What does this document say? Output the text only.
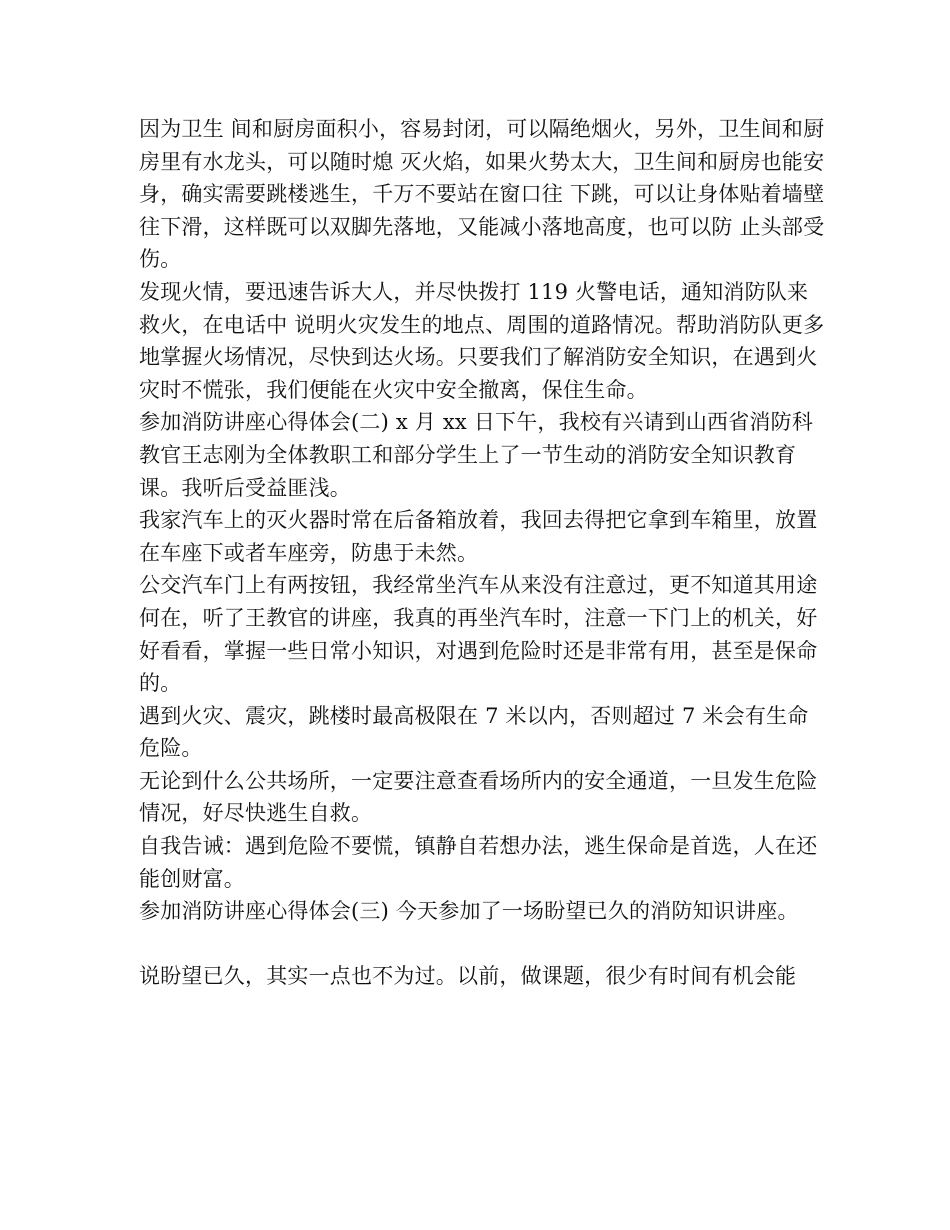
因为卫生 间和厨房面积小，容易封闭，可以隔绝烟火，另外，卫生间和厨房里有水龙头，可以随时熄 灭火焰，如果火势太大，卫生间和厨房也能安身，确实需要跳楼逃生，千万不要站在窗口往 下跳，可以让身体贴着墙壁往下滑，这样既可以双脚先落地，又能减小落地高度，也可以防 止头部受伤。

发现火情，要迅速告诉大人，并尽快拨打 119 火警电话，通知消防队来救火，在电话中 说明火灾发生的地点、周围的道路情况。帮助消防队更多地掌握火场情况，尽快到达火场。只要我们了解消防安全知识，在遇到火灾时不慌张，我们便能在火灾中安全撤离，保住生命。

参加消防讲座心得体会(二) x 月 xx 日下午，我校有兴请到山西省消防科教官王志刚为全体教职工和部分学生上了一节生动的消防安全知识教育课。我听后受益匪浅。

我家汽车上的灭火器时常在后备箱放着，我回去得把它拿到车箱里，放置在车座下或者车座旁，防患于未然。

公交汽车门上有两按钮，我经常坐汽车从来没有注意过，更不知道其用途何在，听了王教官的讲座，我真的再坐汽车时，注意一下门上的机关，好好看看，掌握一些日常小知识，对遇到危险时还是非常有用，甚至是保命的。

遇到火灾、震灾，跳楼时最高极限在 7 米以内，否则超过 7 米会有生命危险。

无论到什么公共场所，一定要注意查看场所内的安全通道，一旦发生危险情况，好尽快逃生自救。

自我告诫：遇到危险不要慌，镇静自若想办法，逃生保命是首选，人在还能创财富。

参加消防讲座心得体会(三) 今天参加了一场盼望已久的消防知识讲座。

说盼望已久，其实一点也不为过。以前，做课题，很少有时间有机会能
